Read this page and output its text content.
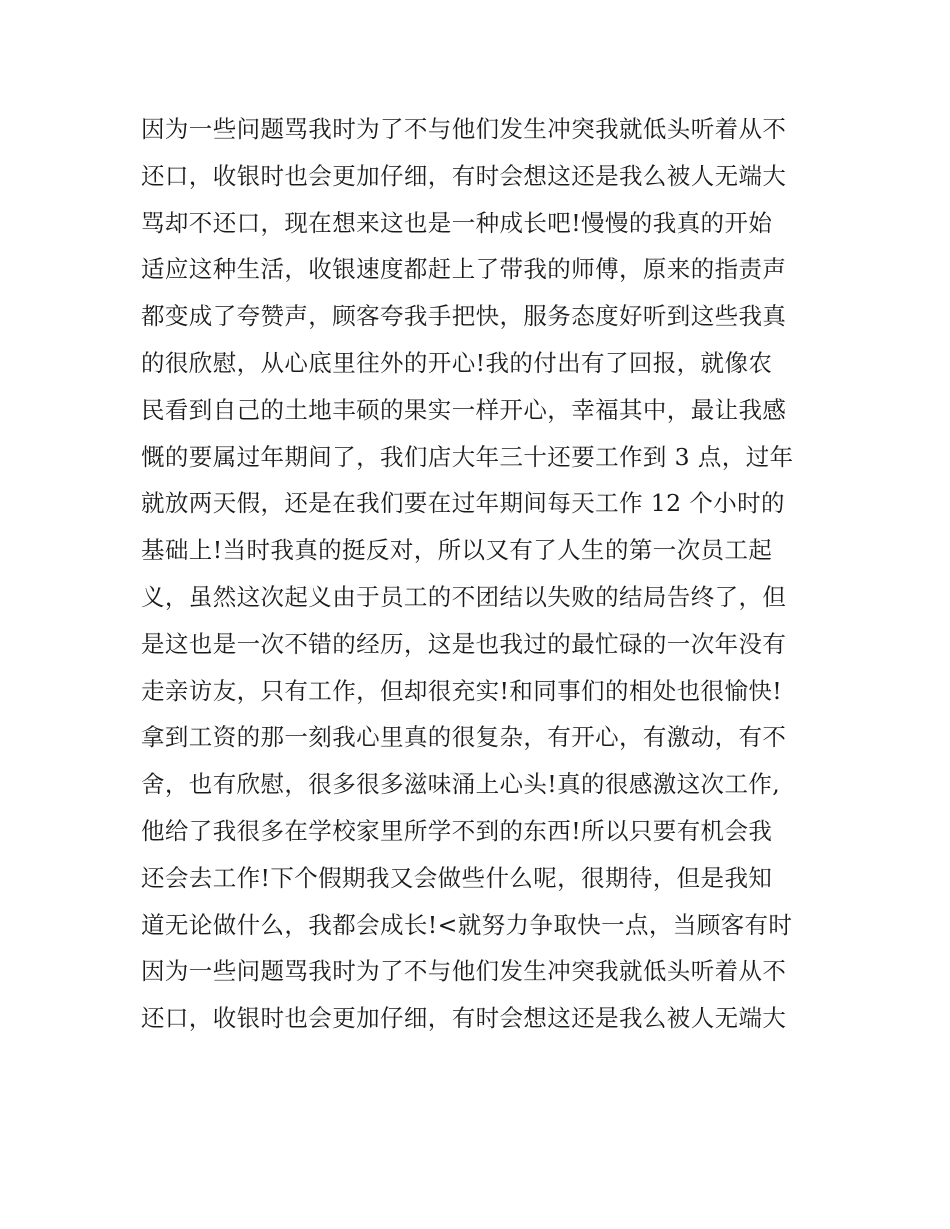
因为一些问题骂我时为了不与他们发生冲突我就低头听着从不
还口，收银时也会更加仔细，有时会想这还是我么被人无端大
骂却不还口，现在想来这也是一种成长吧!慢慢的我真的开始
适应这种生活，收银速度都赶上了带我的师傅，原来的指责声
都变成了夸赞声，顾客夸我手把快，服务态度好听到这些我真
的很欣慰，从心底里往外的开心!我的付出有了回报，就像农
民看到自己的土地丰硕的果实一样开心，幸福其中，最让我感
慨的要属过年期间了，我们店大年三十还要工作到 3 点，过年
就放两天假，还是在我们要在过年期间每天工作 12 个小时的
基础上!当时我真的挺反对，所以又有了人生的第一次员工起
义，虽然这次起义由于员工的不团结以失败的结局告终了，但
是这也是一次不错的经历，这是也我过的最忙碌的一次年没有
走亲访友，只有工作，但却很充实!和同事们的相处也很愉快!
拿到工资的那一刻我心里真的很复杂，有开心，有激动，有不
舍，也有欣慰，很多很多滋味涌上心头!真的很感激这次工作,
他给了我很多在学校家里所学不到的东西!所以只要有机会我
还会去工作!下个假期我又会做些什么呢，很期待，但是我知
道无论做什么，我都会成长!<就努力争取快一点，当顾客有时
因为一些问题骂我时为了不与他们发生冲突我就低头听着从不
还口，收银时也会更加仔细，有时会想这还是我么被人无端大
